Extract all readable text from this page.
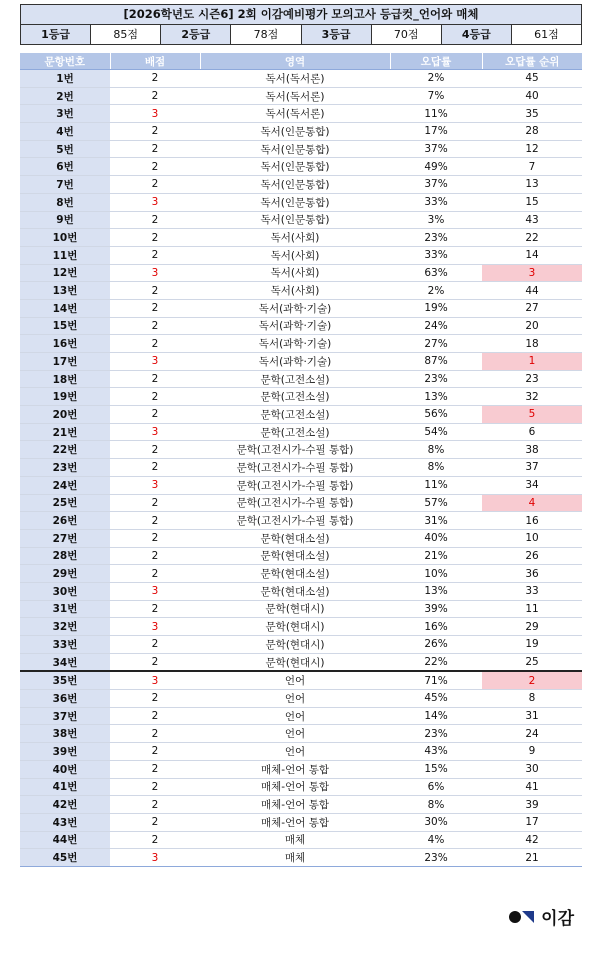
[2026학년도 시즌6] 2회 이감예비평가 모의고사 등급컷_언어와 매체
1등급	85점	2등급	78점	3등급	70점	4등급	61점
문항번호	배점	영역	오답률	오답률 순위
1번	2	독서(독서론)	2%	45
2번	2	독서(독서론)	7%	40
3번	3	독서(독서론)	11%	35
4번	2	독서(인문통합)	17%	28
5번	2	독서(인문통합)	37%	12
6번	2	독서(인문통합)	49%	7
7번	2	독서(인문통합)	37%	13
8번	3	독서(인문통합)	33%	15
9번	2	독서(인문통합)	3%	43
10번	2	독서(사회)	23%	22
11번	2	독서(사회)	33%	14
12번	3	독서(사회)	63%	3
13번	2	독서(사회)	2%	44
14번	2	독서(과학·기술)	19%	27
15번	2	독서(과학·기술)	24%	20
16번	2	독서(과학·기술)	27%	18
17번	3	독서(과학·기술)	87%	1
18번	2	문학(고전소설)	23%	23
19번	2	문학(고전소설)	13%	32
20번	2	문학(고전소설)	56%	5
21번	3	문학(고전소설)	54%	6
22번	2	문학(고전시가-수필 통합)	8%	38
23번	2	문학(고전시가-수필 통합)	8%	37
24번	3	문학(고전시가-수필 통합)	11%	34
25번	2	문학(고전시가-수필 통합)	57%	4
26번	2	문학(고전시가-수필 통합)	31%	16
27번	2	문학(현대소설)	40%	10
28번	2	문학(현대소설)	21%	26
29번	2	문학(현대소설)	10%	36
30번	3	문학(현대소설)	13%	33
31번	2	문학(현대시)	39%	11
32번	3	문학(현대시)	16%	29
33번	2	문학(현대시)	26%	19
34번	2	문학(현대시)	22%	25
35번	3	언어	71%	2
36번	2	언어	45%	8
37번	2	언어	14%	31
38번	2	언어	23%	24
39번	2	언어	43%	9
40번	2	매체-언어 통합	15%	30
41번	2	매체-언어 통합	6%	41
42번	2	매체-언어 통합	8%	39
43번	2	매체-언어 통합	30%	17
44번	2	매체	4%	42
45번	3	매체	23%	21
이감
